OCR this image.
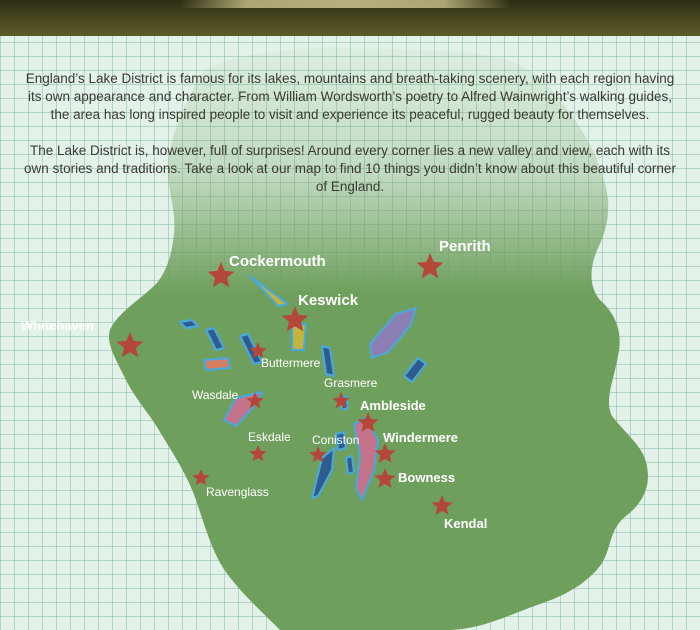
England’s Lake District is famous for its lakes, mountains and breath-taking scenery, with each region having its own appearance and character. From William Wordsworth’s poetry to Alfred Wainwright’s walking guides, the area has long inspired people to visit and experience its peaceful, rugged beauty for themselves.
The Lake District is, however, full of surprises! Around every corner lies a new valley and view, each with its own stories and traditions. Take a look at our map to find 10 things you didn’t know about this beautiful corner of England.
Cockermouth
Penrith
Keswick
Whitehaven
Buttermere
Grasmere
Wasdale
Ambleside
Eskdale Coniston Windermere
Ravenglass
Bowness
Kendal
